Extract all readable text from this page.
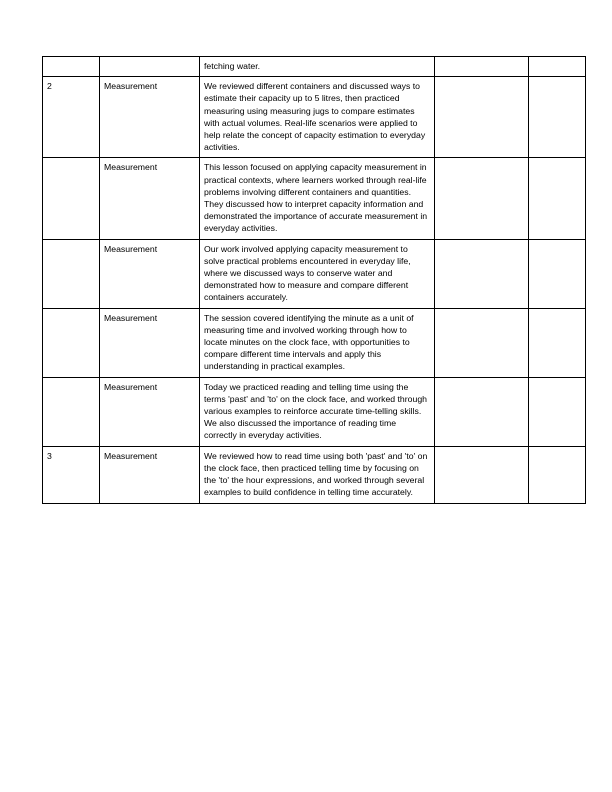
		fetching water.		

2	Measurement	We reviewed different containers and discussed ways to estimate their capacity up to 5 litres, then practiced measuring using measuring jugs to compare estimates with actual volumes. Real-life scenarios were applied to help relate the concept of capacity estimation to everyday activities.		

	Measurement	This lesson focused on applying capacity measurement in practical contexts, where learners worked through real-life problems involving different containers and quantities. They discussed how to interpret capacity information and demonstrated the importance of accurate measurement in everyday activities.		

	Measurement	Our work involved applying capacity measurement to solve practical problems encountered in everyday life, where we discussed ways to conserve water and demonstrated how to measure and compare different containers accurately.		

	Measurement	The session covered identifying the minute as a unit of measuring time and involved working through how to locate minutes on the clock face, with opportunities to compare different time intervals and apply this understanding in practical examples.		

	Measurement	Today we practiced reading and telling time using the terms 'past' and 'to' on the clock face, and worked through various examples to reinforce accurate time-telling skills. We also discussed the importance of reading time correctly in everyday activities.		

3	Measurement	We reviewed how to read time using both 'past' and 'to' on the clock face, then practiced telling time by focusing on the 'to' the hour expressions, and worked through several examples to build confidence in telling time accurately.		
